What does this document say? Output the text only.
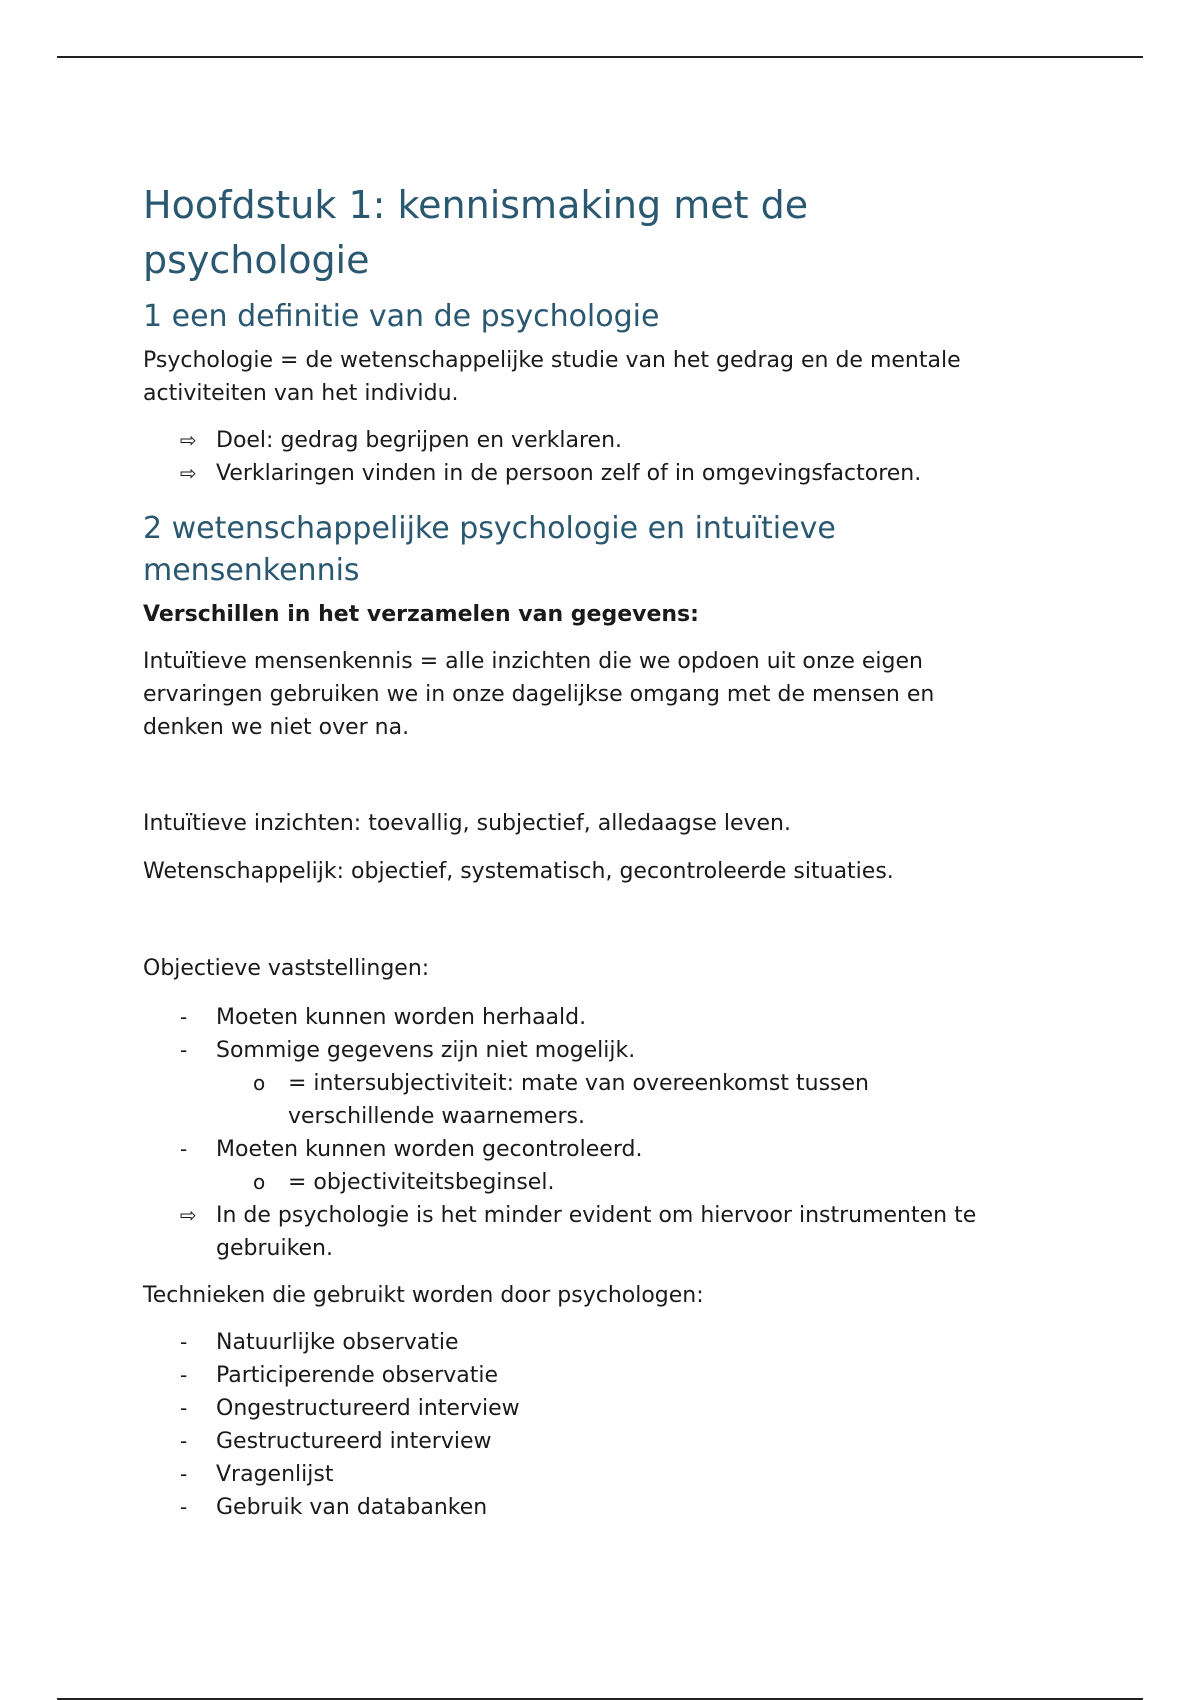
Hoofdstuk 1: kennismaking met de
psychologie
1 een definitie van de psychologie

Psychologie = de wetenschappelijke studie van het gedrag en de mentale
activiteiten van het individu.

⇨ Doel: gedrag begrijpen en verklaren.
⇨ Verklaringen vinden in de persoon zelf of in omgevingsfactoren.
2 wetenschappelijke psychologie en intuïtieve
mensenkennis

Verschillen in het verzamelen van gegevens:

Intuïtieve mensenkennis = alle inzichten die we opdoen uit onze eigen
ervaringen gebruiken we in onze dagelijkse omgang met de mensen en
denken we niet over na.

Intuïtieve inzichten: toevallig, subjectief, alledaagse leven.

Wetenschappelijk: objectief, systematisch, gecontroleerde situaties.

Objectieve vaststellingen:

-	Moeten kunnen worden herhaald.
-	Sommige gegevens zijn niet mogelijk.
o	= intersubjectiviteit: mate van overeenkomst tussen
verschillende waarnemers.
-	Moeten kunnen worden gecontroleerd.
o	= objectiviteitsbeginsel.
⇨ In de psychologie is het minder evident om hiervoor instrumenten te
gebruiken.

Technieken die gebruikt worden door psychologen:

-	Natuurlijke observatie
-	Participerende observatie
-	Ongestructureerd interview
-	Gestructureerd interview
-	Vragenlijst
-	Gebruik van databanken
